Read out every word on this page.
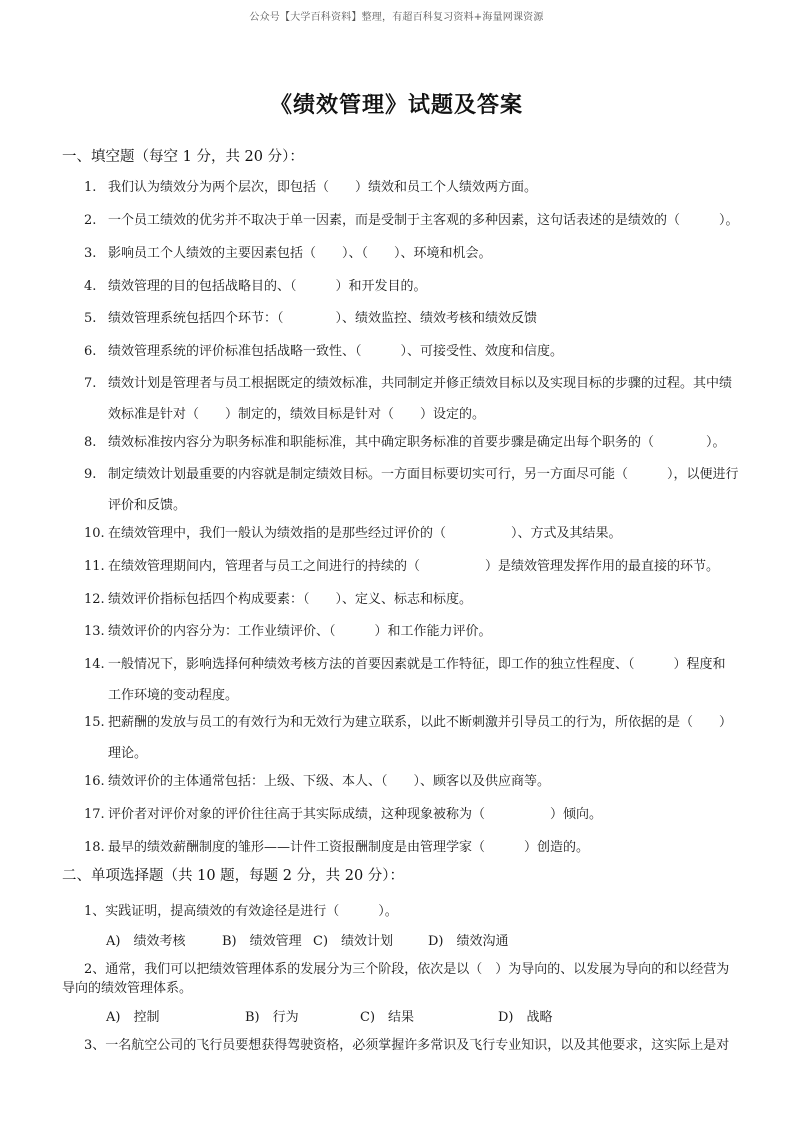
公众号【大学百科资料】整理，有超百科复习资料+海量网课资源
《绩效管理》试题及答案
一、填空题（每空 1 分，共 20 分）：
1. 我们认为绩效分为两个层次，即包括（　　）绩效和员工个人绩效两方面。
2. 一个员工绩效的优劣并不取决于单一因素，而是受制于主客观的多种因素，这句话表述的是绩效的（　　　）。
3. 影响员工个人绩效的主要因素包括（　　）、（　　）、环境和机会。
4. 绩效管理的目的包括战略目的、（　　　）和开发目的。
5. 绩效管理系统包括四个环节：（　　　　）、绩效监控、绩效考核和绩效反馈
6. 绩效管理系统的评价标准包括战略一致性、（　　　）、可接受性、效度和信度。
7. 绩效计划是管理者与员工根据既定的绩效标准，共同制定并修正绩效目标以及实现目标的步骤的过程。其中绩
效标准是针对（　　）制定的，绩效目标是针对（　　）设定的。
8. 绩效标准按内容分为职务标准和职能标准，其中确定职务标准的首要步骤是确定出每个职务的（　　　　）。
9. 制定绩效计划最重要的内容就是制定绩效目标。一方面目标要切实可行，另一方面尽可能（　　　），以便进行
评价和反馈。
10. 在绩效管理中，我们一般认为绩效指的是那些经过评价的（　　　　　）、方式及其结果。
11. 在绩效管理期间内，管理者与员工之间进行的持续的（　　　　　）是绩效管理发挥作用的最直接的环节。
12. 绩效评价指标包括四个构成要素：（　　）、定义、标志和标度。
13. 绩效评价的内容分为：工作业绩评价、（　　　）和工作能力评价。
14. 一般情况下，影响选择何种绩效考核方法的首要因素就是工作特征，即工作的独立性程度、（　　　）程度和
工作环境的变动程度。
15. 把薪酬的发放与员工的有效行为和无效行为建立联系，以此不断刺激并引导员工的行为，所依据的是（　　）
理论。
16. 绩效评价的主体通常包括：上级、下级、本人、（　　）、顾客以及供应商等。
17. 评价者对评价对象的评价往往高于其实际成绩，这种现象被称为（　　　　　）倾向。
18. 最早的绩效薪酬制度的雏形——计件工资报酬制度是由管理学家（　　　）创造的。
二、单项选择题（共 10 题，每题 2 分，共 20 分）：
1、实践证明，提高绩效的有效途径是进行（　　　）。
A)　绩效考核	B)　绩效管理 C)　绩效计划	D)　绩效沟通
2、通常，我们可以把绩效管理体系的发展分为三个阶段，依次是以（　）为导向的、以发展为导向的和以经营为
导向的绩效管理体系。
A)　控制	B)　行为	C)　结果	D)　战略
3、一名航空公司的飞行员要想获得驾驶资格，必须掌握许多常识及飞行专业知识，以及其他要求，这实际上是对
